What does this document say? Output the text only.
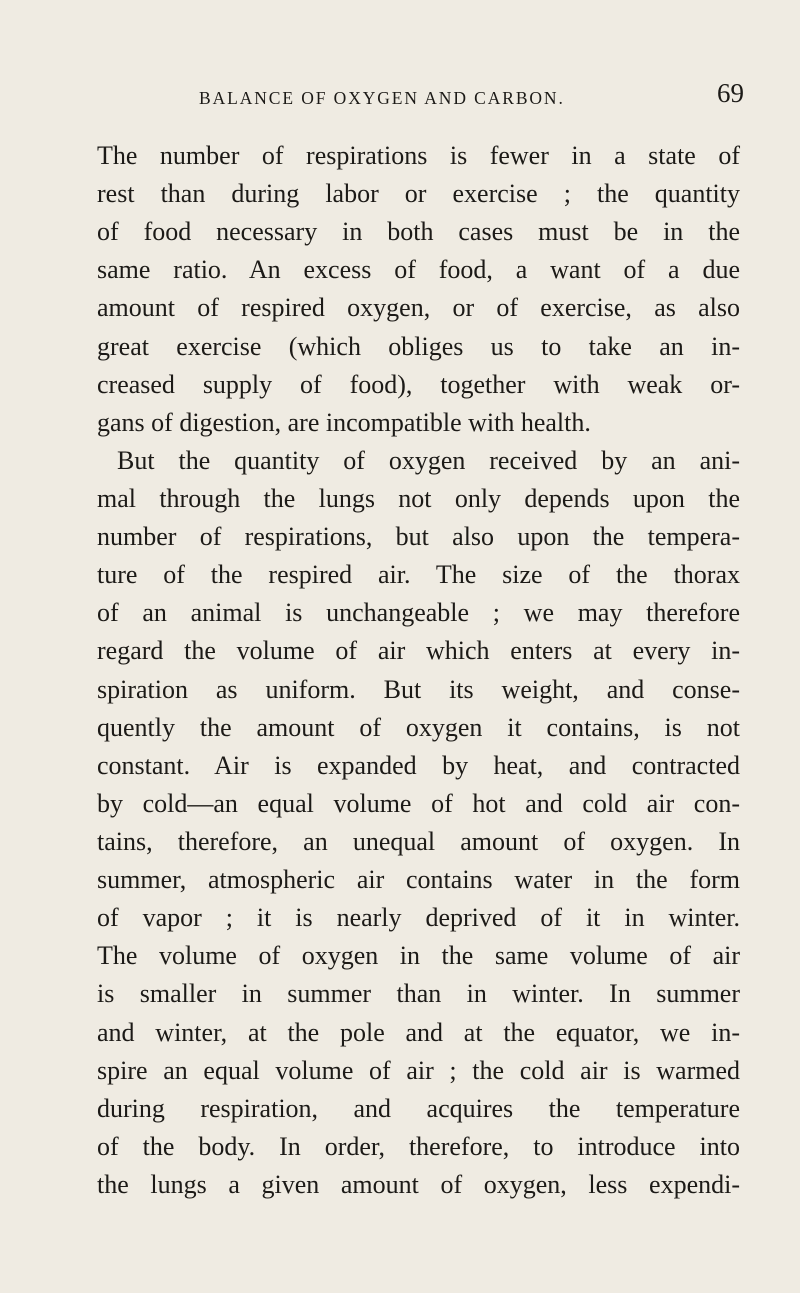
BALANCE OF OXYGEN AND CARBON.	69
The number of respirations is fewer in a state of
rest than during labor or exercise ; the quantity
of food necessary in both cases must be in the
same ratio. An excess of food, a want of a due
amount of respired oxygen, or of exercise, as also
great exercise (which obliges us to take an in-
creased supply of food), together with weak or-
gans of digestion, are incompatible with health.
But the quantity of oxygen received by an ani-
mal through the lungs not only depends upon the
number of respirations, but also upon the tempera-
ture of the respired air. The size of the thorax
of an animal is unchangeable ; we may therefore
regard the volume of air which enters at every in-
spiration as uniform. But its weight, and conse-
quently the amount of oxygen it contains, is not
constant. Air is expanded by heat, and contracted
by cold—an equal volume of hot and cold air con-
tains, therefore, an unequal amount of oxygen. In
summer, atmospheric air contains water in the form
of vapor ; it is nearly deprived of it in winter.
The volume of oxygen in the same volume of air
is smaller in summer than in winter. In summer
and winter, at the pole and at the equator, we in-
spire an equal volume of air ; the cold air is warmed
during respiration, and acquires the temperature
of the body. In order, therefore, to introduce into
the lungs a given amount of oxygen, less expendi-
